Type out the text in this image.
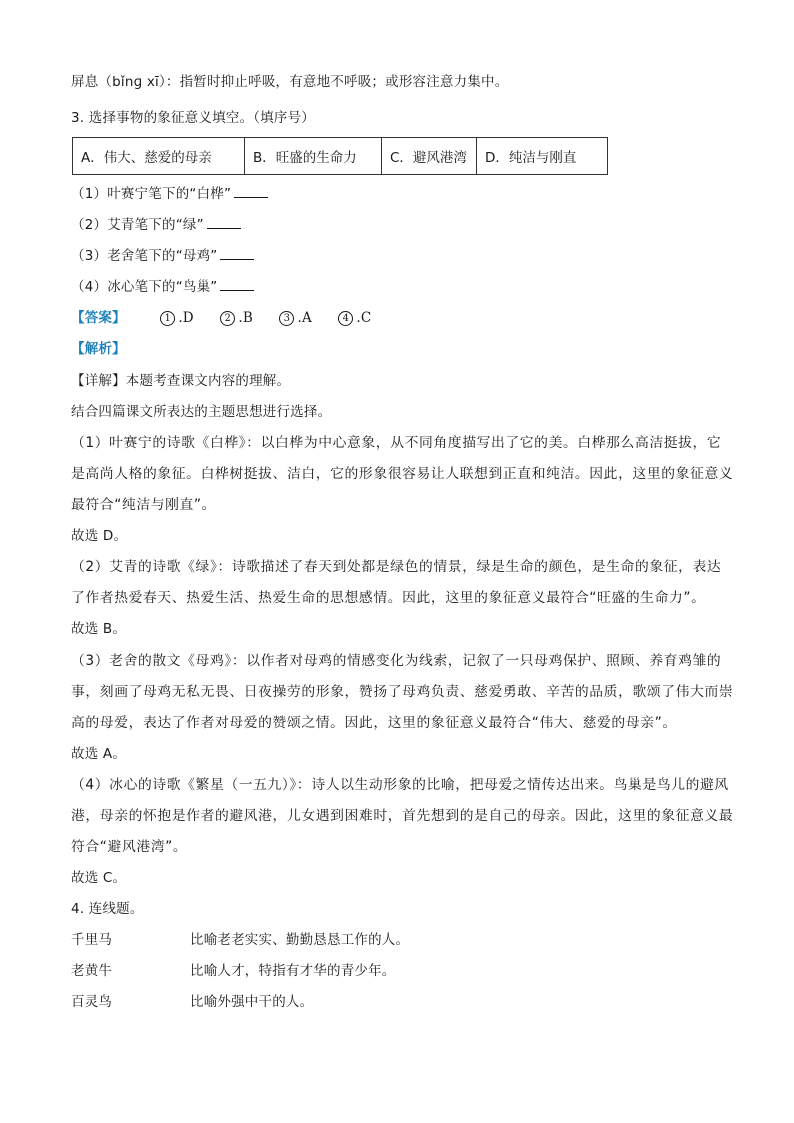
屏息（bǐnɡ xī）：指暂时抑止呼吸，有意地不呼吸；或形容注意力集中。
3. 选择事物的象征意义填空。（填序号）
A．伟大、慈爱的母亲	B．旺盛的生命力	C．避风港湾	D．纯洁与刚直
（1）叶赛宁笔下的“白桦”
（2）艾青笔下的“绿”
（3）老舍笔下的“母鸡”
（4）冰心笔下的“鸟巢”
【答案】	1 .D	2 .B	3 .A	4 .C
【解析】
【详解】本题考查课文内容的理解。
结合四篇课文所表达的主题思想进行选择。
（1）叶赛宁的诗歌《白桦》：以白桦为中心意象，从不同角度描写出了它的美。白桦那么高洁挺拔，它
是高尚人格的象征。白桦树挺拔、洁白，它的形象很容易让人联想到正直和纯洁。因此，这里的象征意义
最符合“纯洁与刚直”。
故选 D。
（2）艾青的诗歌《绿》：诗歌描述了春天到处都是绿色的情景，绿是生命的颜色，是生命的象征，表达
了作者热爱春天、热爱生活、热爱生命的思想感情。因此，这里的象征意义最符合“旺盛的生命力”。
故选 B。
（3）老舍的散文《母鸡》：以作者对母鸡的情感变化为线索，记叙了一只母鸡保护、照顾、养育鸡雏的
事，刻画了母鸡无私无畏、日夜操劳的形象，赞扬了母鸡负责、慈爱勇敢、辛苦的品质，歌颂了伟大而崇
高的母爱，表达了作者对母爱的赞颂之情。因此，这里的象征意义最符合“伟大、慈爱的母亲”。
故选 A。
（4）冰心的诗歌《繁星（一五九）》：诗人以生动形象的比喻，把母爱之情传达出来。鸟巢是鸟儿的避风
港，母亲的怀抱是作者的避风港，儿女遇到困难时，首先想到的是自己的母亲。因此，这里的象征意义最
符合“避风港湾”。
故选 C。
4. 连线题。
千里马	比喻老老实实、勤勤恳恳工作的人。
老黄牛	比喻人才，特指有才华的青少年。
百灵鸟	比喻外强中干的人。
